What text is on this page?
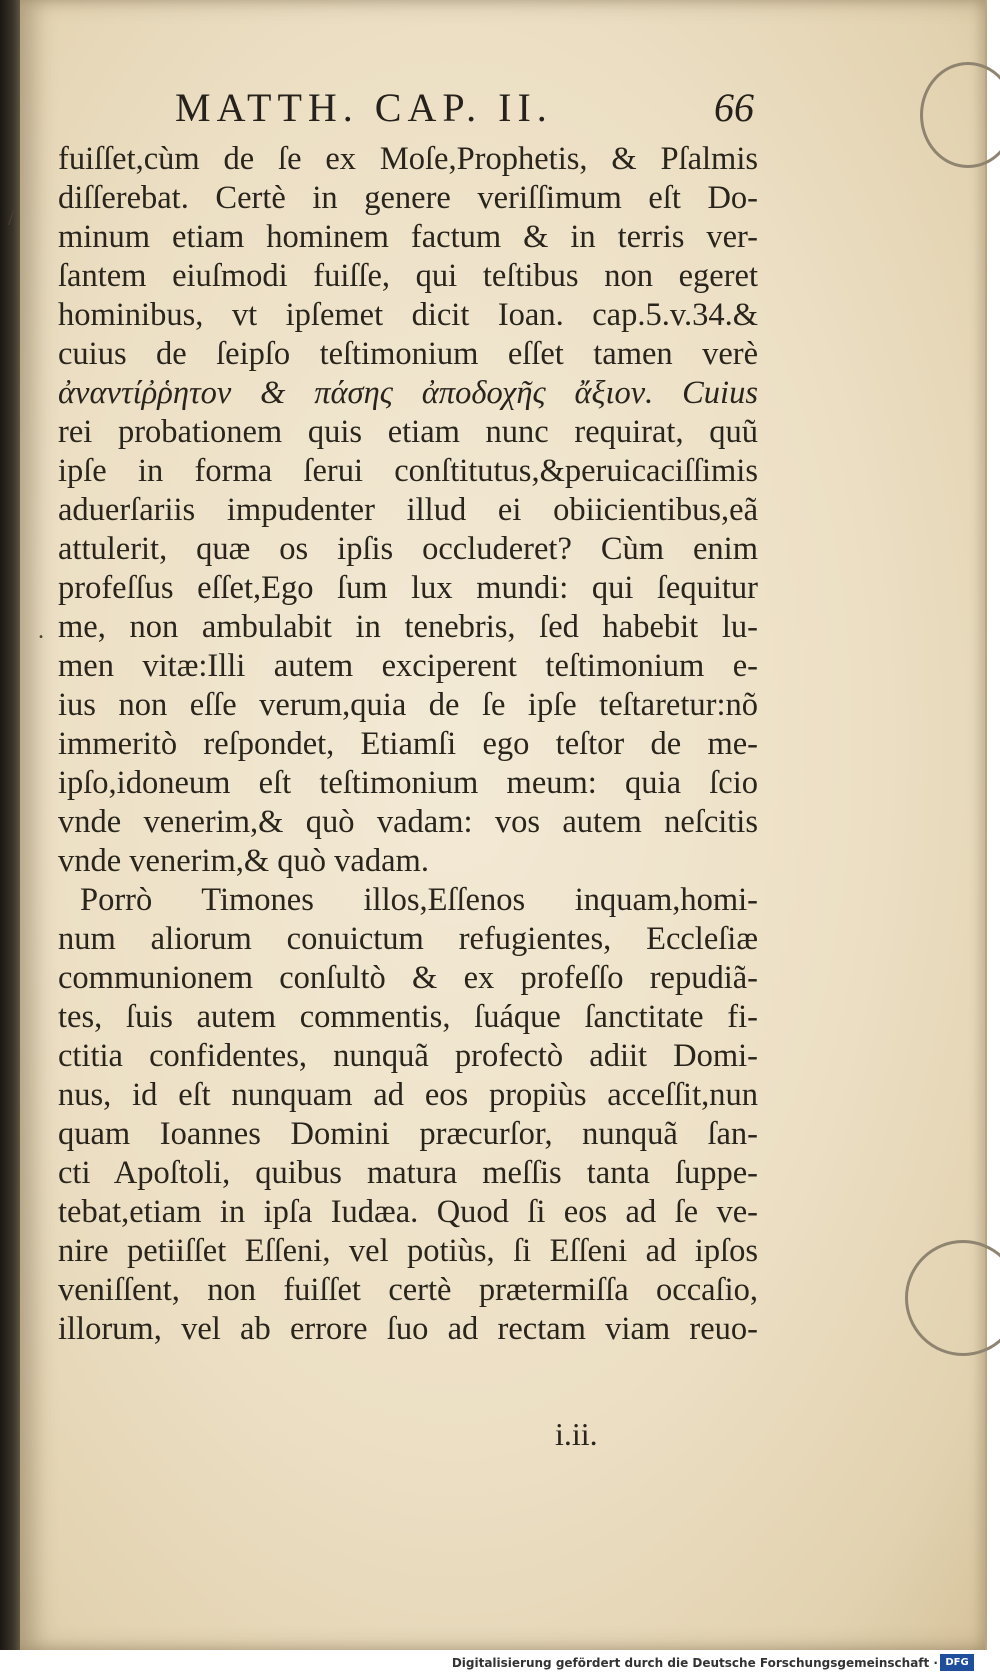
/
.
MATTH. CAP. II.	66
fuiſſet,cùm de ſe ex Moſe,Prophetis, & Pſalmis
diſſerebat. Certè in genere veriſſimum eſt Do-
minum etiam hominem factum & in terris ver-
ſantem eiuſmodi fuiſſe, qui teſtibus non egeret
hominibus, vt ipſemet dicit Ioan. cap.5.v.34.&
cuius de ſeipſo teſtimonium eſſet tamen verè
ἀναντίῤῥητον & πάσης ἀποδοχῆς ἄξιον. Cuius
rei probationem quis etiam nunc requirat, quũ
ipſe in forma ſerui conſtitutus,&peruicaciſſimis
aduerſariis impudenter illud ei obiicientibus,eã
attulerit, quæ os ipſis occluderet? Cùm enim
profeſſus eſſet,Ego ſum lux mundi: qui ſequitur
me, non ambulabit in tenebris, ſed habebit lu-
men vitæ:Illi autem exciperent teſtimonium e-
ius non eſſe verum,quia de ſe ipſe teſtaretur:nõ
immeritò reſpondet, Etiamſi ego teſtor de me-
ipſo,idoneum eſt teſtimonium meum: quia ſcio
vnde venerim,& quò vadam: vos autem neſcitis
vnde venerim,& quò vadam.
Porrò Timones illos,Eſſenos inquam,homi-
num aliorum conuictum refugientes, Eccleſiæ
communionem conſultò & ex profeſſo repudiã-
tes, ſuis autem commentis, ſuáque ſanctitate fi-
ctitia confidentes, nunquã profectò adiit Domi-
nus, id eſt nunquam ad eos propiùs acceſſit,nun
quam Ioannes Domini præcurſor, nunquã ſan-
cti Apoſtoli, quibus matura meſſis tanta ſuppe-
tebat,etiam in ipſa Iudæa. Quod ſi eos ad ſe ve-
nire petiiſſet Eſſeni, vel potiùs, ſi Eſſeni ad ipſos
veniſſent, non fuiſſet certè prætermiſſa occaſio,
illorum, vel ab errore ſuo ad rectam viam reuo-
i.ii.
Digitalisierung gefördert durch die Deutsche Forschungsgemeinschaft · DFG
